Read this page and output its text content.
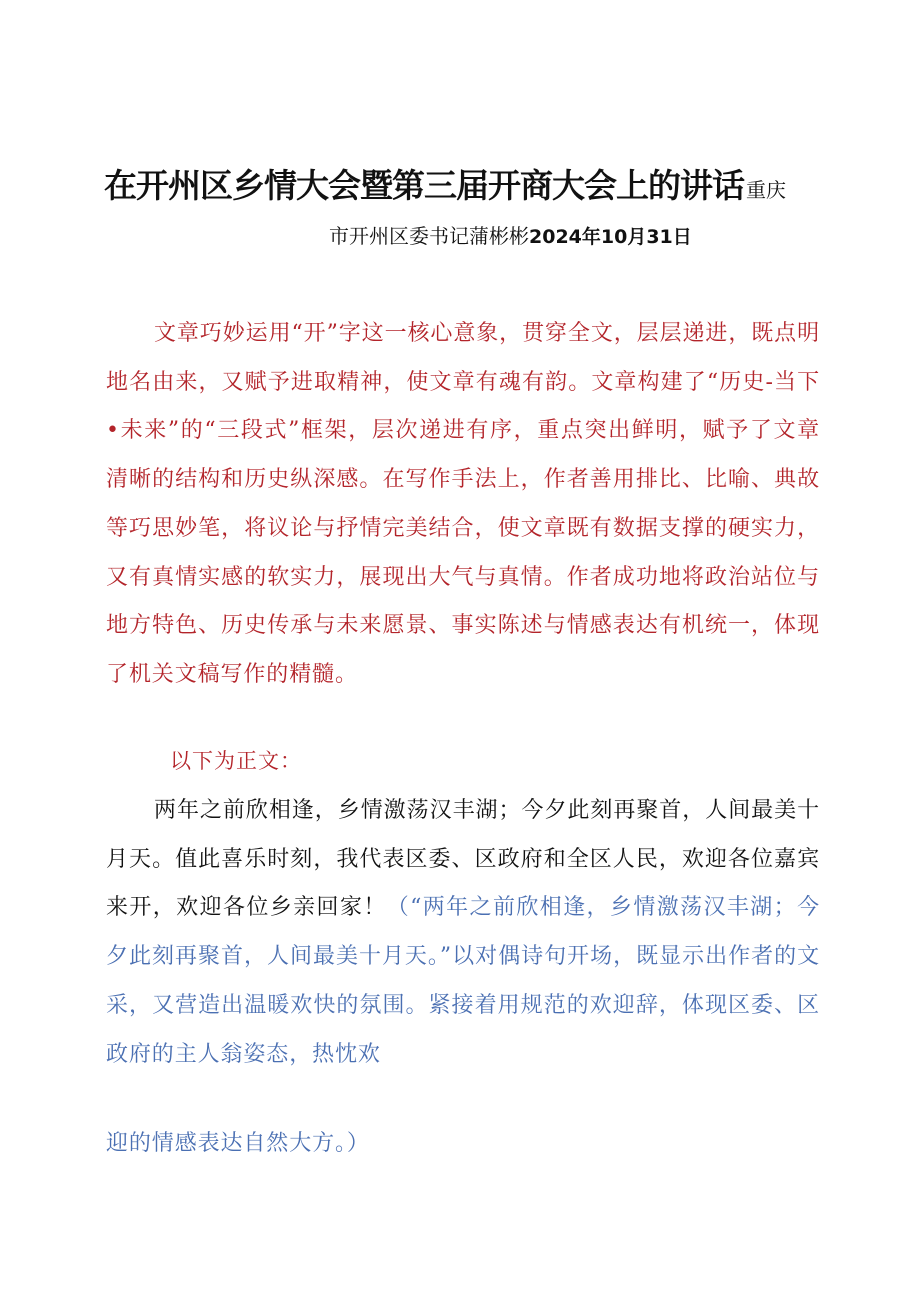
在开州区乡情大会暨第三届开商大会上的讲话 重庆
市开州区委书记蒲彬彬2024年10月31日

文章巧妙运用“开”字这一核心意象，贯穿全文，层层递进，既点明地名由来，又赋予进取精神，使文章有魂有韵。文章构建了“历史-当下•未来”的“三段式”框架，层次递进有序，重点突出鲜明，赋予了文章清晰的结构和历史纵深感。在写作手法上，作者善用排比、比喻、典故等巧思妙笔，将议论与抒情完美结合，使文章既有数据支撑的硬实力，又有真情实感的软实力，展现出大气与真情。作者成功地将政治站位与地方特色、历史传承与未来愿景、事实陈述与情感表达有机统一，体现了机关文稿写作的精髓。

以下为正文：

两年之前欣相逢，乡情激荡汉丰湖；今夕此刻再聚首，人间最美十月天。值此喜乐时刻，我代表区委、区政府和全区人民，欢迎各位嘉宾来开，欢迎各位乡亲回家！（“两年之前欣相逢，乡情激荡汉丰湖；今夕此刻再聚首，人间最美十月天。”以对偶诗句开场，既显示出作者的文采，又营造出温暖欢快的氛围。紧接着用规范的欢迎辞，体现区委、区政府的主人翁姿态，热忱欢

迎的情感表达自然大方。）
